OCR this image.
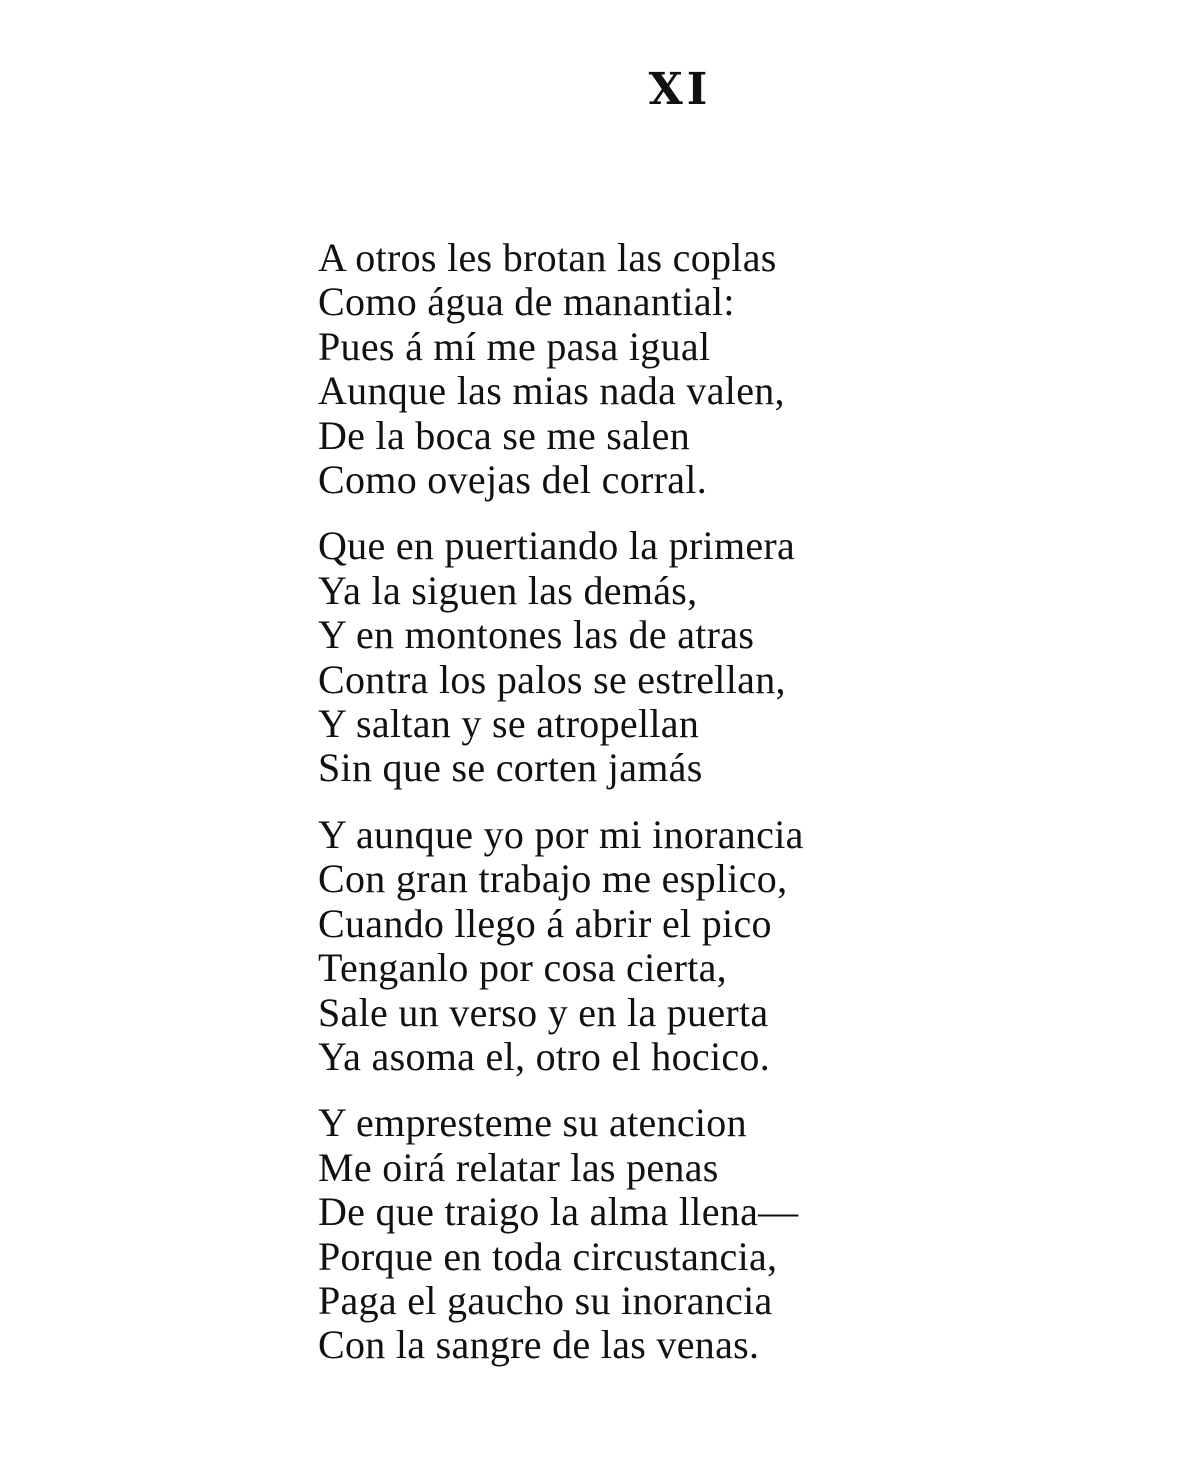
XI
A otros les brotan las coplas
Como água de manantial:
Pues á mí me pasa igual
Aunque las mias nada valen,
De la boca se me salen
Como ovejas del corral.
Que en puertiando la primera
Ya la siguen las demás,
Y en montones las de atras
Contra los palos se estrellan,
Y saltan y se atropellan
Sin que se corten jamás
Y aunque yo por mi inorancia
Con gran trabajo me esplico,
Cuando llego á abrir el pico
Tenganlo por cosa cierta,
Sale un verso y en la puerta
Ya asoma el, otro el hocico.
Y empresteme su atencion
Me oirá relatar las penas
De que traigo la alma llena—
Porque en toda circustancia,
Paga el gaucho su inorancia
Con la sangre de las venas.
